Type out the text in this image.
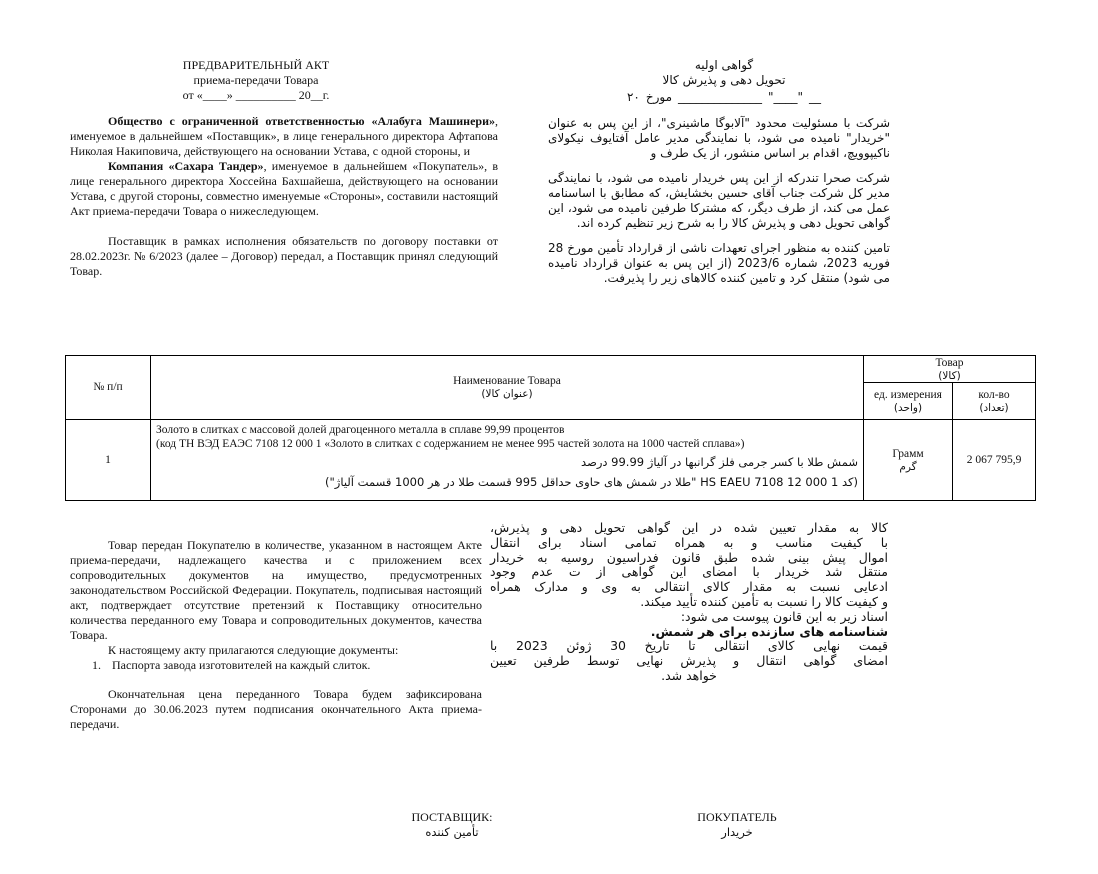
ПРЕДВАРИТЕЛЬНЫЙ АКТ
приема-передачи Товара
от «____» __________ 20__г.
گواهی اولیه
تحویل دهی و پذیرش کالا
۲۰ مورخ ______________ "____" __

Общество с ограниченной ответственностью «Алабуга Машинери», именуемое в дальнейшем «Поставщик», в лице генерального директора Афтапова Николая Накиповича, действующего на основании Устава, с одной стороны, и

Компания «Сахара Тандер», именуемое в дальнейшем «Покупатель», в лице генерального директора Хоссейна Бахшайеша, действующего на основании Устава, с другой стороны, совместно именуемые «Стороны», составили настоящий Акт приема-передачи Товара о нижеследующем.

Поставщик в рамках исполнения обязательств по договору поставки от 28.02.2023г. № 6/2023 (далее – Договор) передал, а Поставщик принял следующий Товар.

شرکت با مسئولیت محدود "آلابوگا ماشینری"، از این پس به عنوان "خریدار" نامیده می شود، با نمایندگی مدیر عامل آفتایوف نیکولای ناکیپوویچ، اقدام بر اساس منشور، از یک طرف و

شرکت صحرا تندرکه از این پس خریدار نامیده می شود، با نمایندگی مدیر کل شرکت جناب آقای حسین بخشایش، که مطابق با اساسنامه عمل می کند، از طرف دیگر، که مشترکا طرفین نامیده می شود، این گواهی تحویل دهی و پذیرش کالا را به شرح زیر تنظیم کرده اند.

تامین کننده به منظور اجرای تعهدات ناشی از قرارداد تأمین مورخ 28 فوریه 2023، شماره 2023/6 (از این پس به عنوان قرارداد نامیده می شود) منتقل کرد و تامین کننده کالاهای زیر را پذیرفت.

№ п/п	Наименование Товара
(عنوان کالا)
Товар
(کالا)
ед. измерения
(واحد)
кол-во
(تعداد)
1
Золото в слитках с массовой долей драгоценного металла в сплаве 99,99 процентов
(код ТН ВЭД ЕАЭС 7108 12 000 1 «Золото в слитках с содержанием не менее 995 частей золота на 1000 частей сплава»)
شمش طلا با کسر جرمی فلز گرانبها در آلیاژ 99.99 درصد
(کد HS EAEU 7108 12 000 1 "طلا در شمش های حاوی حداقل 995 قسمت طلا در هر 1000 قسمت آلیاژ")
Грамм
گرم
2 067 795,9

Товар передан Покупателю в количестве, указанном в настоящем Акте приема-передачи, надлежащего качества и с приложением всех сопроводительных документов на имущество, предусмотренных законодательством Российской Федерации. Покупатель, подписывая настоящий акт, подтверждает отсутствие претензий к Поставщику относительно количества переданного ему Товара и сопроводительных документов, качества Товара.

К настоящему акту прилагаются следующие документы:
1. Паспорта завода изготовителей на каждый слиток.

Окончательная цена переданного Товара будем зафиксирована Сторонами до 30.06.2023 путем подписания окончательного Акта приема-передачи.

کالا به مقدار تعیین شده در این گواهی تحویل دهی و پذیرش،
با کیفیت مناسب و به همراه تمامی اسناد برای انتقال
اموال پیش بینی شده طبق قانون فدراسیون روسیه به خریدار
منتقل شد خریدار با امضای این گواهی از ت عدم وجود
ادعایی نسبت به مقدار کالای انتقالی به وی و مدارک همراه
و کیفیت کالا را نسبت به تأمین کننده تأیید میکند.
اسناد زیر به این قانون پیوست می شود:
شناسنامه های سازنده برای هر شمش.
قیمت نهایی کالای انتقالی تا تاریخ 30 ژوئن 2023 با
امضای گواهی انتقال و پذیرش نهایی توسط طرفین تعیین
خواهد شد.
ПОСТАВЩИК:
تأمین کننده
ПОКУПАТЕЛЬ
خریدار
